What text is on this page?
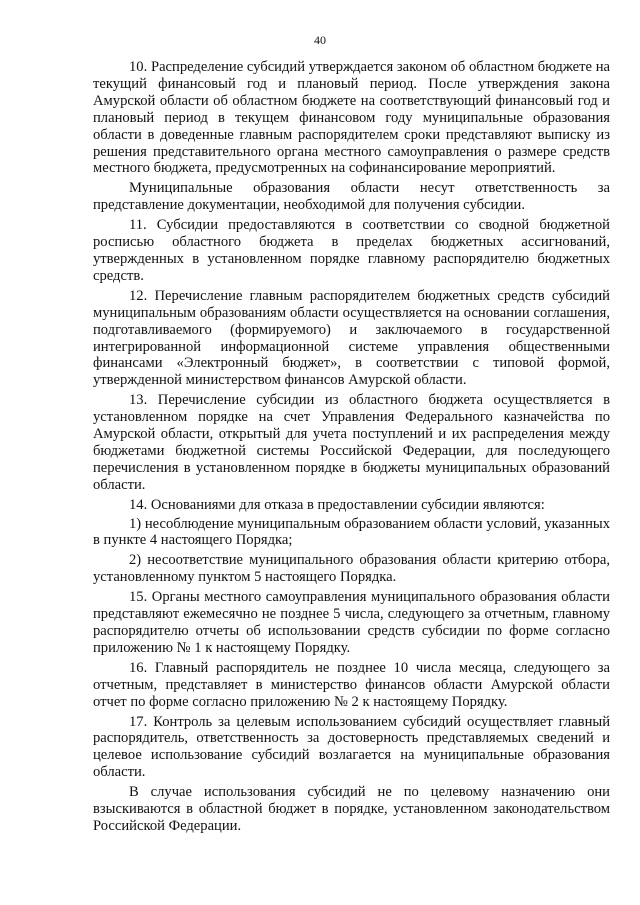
40

10. Распределение субсидий утверждается законом об областном бюджете на текущий финансовый год и плановый период. После утверждения закона Амурской области об областном бюджете на соответствующий финансовый год и плановый период в текущем финансовом году муниципальные образования области в доведенные главным распорядителем сроки представляют выписку из решения представительного органа местного самоуправления о размере средств местного бюджета, предусмотренных на софинансирование мероприятий.

Муниципальные образования области несут ответственность за представление документации, необходимой для получения субсидии.

11. Субсидии предоставляются в соответствии со сводной бюджетной росписью областного бюджета в пределах бюджетных ассигнований, утвержденных в установленном порядке главному распорядителю бюджетных средств.

12. Перечисление главным распорядителем бюджетных средств субсидий муниципальным образованиям области осуществляется на основании соглашения, подготавливаемого (формируемого) и заключаемого в государственной интегрированной информационной системе управления общественными финансами «Электронный бюджет», в соответствии с типовой формой, утвержденной министерством финансов Амурской области.

13. Перечисление субсидии из областного бюджета осуществляется в установленном порядке на счет Управления Федерального казначейства по Амурской области, открытый для учета поступлений и их распределения между бюджетами бюджетной системы Российской Федерации, для последующего перечисления в установленном порядке в бюджеты муниципальных образований области.

14. Основаниями для отказа в предоставлении субсидии являются:

1) несоблюдение муниципальным образованием области условий, указанных в пункте 4 настоящего Порядка;

2) несоответствие муниципального образования области критерию отбора, установленному пунктом 5 настоящего Порядка.

15. Органы местного самоуправления муниципального образования области представляют ежемесячно не позднее 5 числа, следующего за отчетным, главному распорядителю отчеты об использовании средств субсидии по форме согласно приложению № 1 к настоящему Порядку.

16. Главный распорядитель не позднее 10 числа месяца, следующего за отчетным, представляет в министерство финансов области Амурской области отчет по форме согласно приложению № 2 к настоящему Порядку.

17. Контроль за целевым использованием субсидий осуществляет главный распорядитель, ответственность за достоверность представляемых сведений и целевое использование субсидий возлагается на муниципальные образования области.

В случае использования субсидий не по целевому назначению они взыскиваются в областной бюджет в порядке, установленном законодательством Российской Федерации.
